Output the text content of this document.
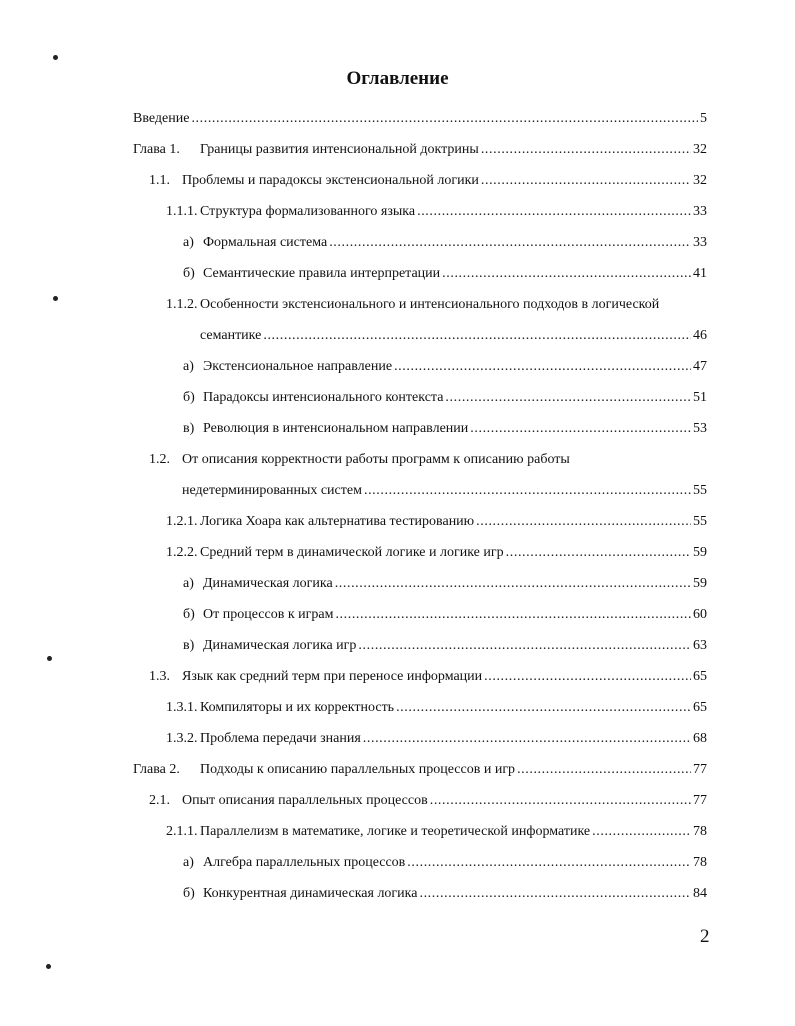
Оглавление
Введение .....	5
Глава 1.	Границы развития интенсиональной доктрины .....	32
1.1. Проблемы и парадоксы экстенсиональной логики .....	32
1.1.1. Структура формализованного языка .....	33
а) Формальная система .....	33
б) Семантические правила интерпретации .....	41
1.1.2. Особенности экстенсионального и интенсионального подходов в логической
семантике .....	46
а) Экстенсиональное направление .....	47
б) Парадоксы интенсионального контекста .....	51
в) Революция в интенсиональном направлении .....	53
1.2. От описания корректности работы программ к описанию работы
недетерминированных систем .....	55
1.2.1. Логика Хоара как альтернатива тестированию .....	55
1.2.2. Средний терм в динамической логике и логике игр .....	59
а) Динамическая логика .....	59
б) От процессов к играм .....	60
в) Динамическая логика игр .....	63
1.3. Язык как средний терм при переносе информации .....	65
1.3.1. Компиляторы и их корректность .....	65
1.3.2. Проблема передачи знания .....	68
Глава 2.	Подходы к описанию параллельных процессов и игр .....	77
2.1. Опыт описания параллельных процессов .....	77
2.1.1. Параллелизм в математике, логике и теоретической информатике .....	78
а) Алгебра параллельных процессов .....	78
б) Конкурентная динамическая логика .....	84
2
